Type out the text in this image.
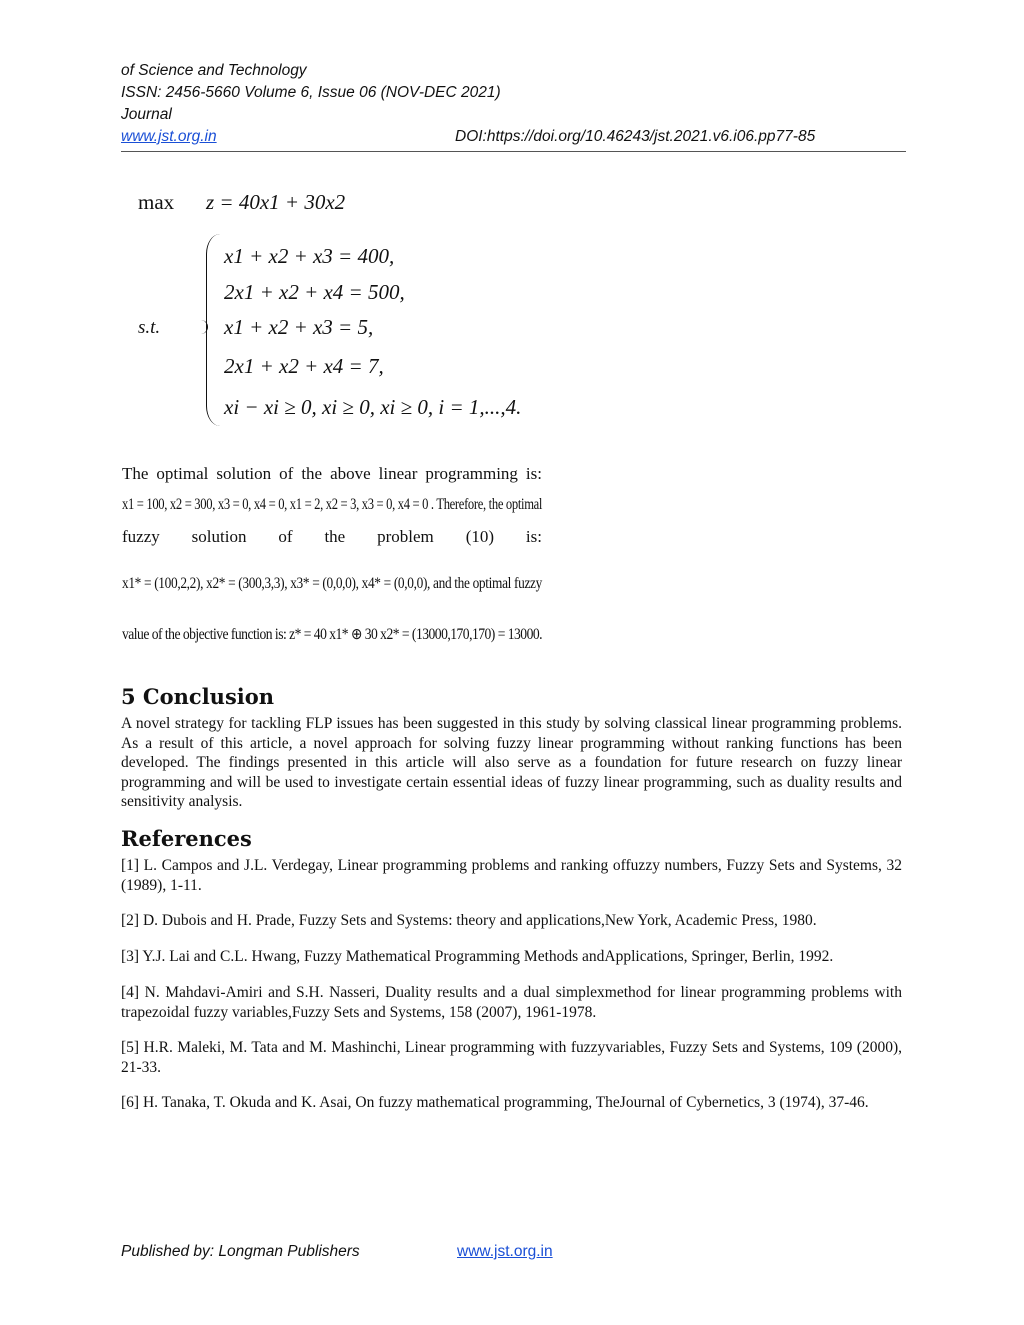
of Science and Technology
ISSN: 2456-5660 Volume 6, Issue 06 (NOV-DEC 2021)
Journal
www.jst.org.in	DOI:https://doi.org/10.46243/jst.2021.v6.i06.pp77-85
max z = 40x1 + 30x2
s.t.
x1 + x2 + x3 = 400,
2x1 + x2 + x4 = 500,
x1 + x2 + x3 = 5,
2x1 + x2 + x4 = 7,
xi − xi ≥ 0, xi ≥ 0, xi ≥ 0, i = 1,...,4.
The optimal solution of the above linear programming is:
x1 = 100, x2 = 300, x3 = 0, x4 = 0, x1 = 2, x2 = 3, x3 = 0, x4 = 0 . Therefore, the optimal
fuzzy solution of the problem (10) is:
x1* = (100,2,2), x2* = (300,3,3), x3* = (0,0,0), x4* = (0,0,0), and the optimal fuzzy
value of the objective function is: z* = 40 x1* ⊕ 30 x2* = (13000,170,170) = 13000.
5 Conclusion

A novel strategy for tackling FLP issues has been suggested in this study by solving classical linear programming problems. As a result of this article, a novel approach for solving fuzzy linear programming without ranking functions has been developed. The findings presented in this article will also serve as a foundation for future research on fuzzy linear programming and will be used to investigate certain essential ideas of fuzzy linear programming, such as duality results and sensitivity analysis.

References

[1] L. Campos and J.L. Verdegay, Linear programming problems and ranking offuzzy numbers, Fuzzy Sets and Systems, 32 (1989), 1-11.

[2] D. Dubois and H. Prade, Fuzzy Sets and Systems: theory and applications,New York, Academic Press, 1980.

[3] Y.J. Lai and C.L. Hwang, Fuzzy Mathematical Programming Methods andApplications, Springer, Berlin, 1992.

[4] N. Mahdavi-Amiri and S.H. Nasseri, Duality results and a dual simplexmethod for linear programming problems with trapezoidal fuzzy variables,Fuzzy Sets and Systems, 158 (2007), 1961-1978.

[5] H.R. Maleki, M. Tata and M. Mashinchi, Linear programming with fuzzyvariables, Fuzzy Sets and Systems, 109 (2000), 21-33.

[6] H. Tanaka, T. Okuda and K. Asai, On fuzzy mathematical programming, TheJournal of Cybernetics, 3 (1974), 37-46.

Published by: Longman Publishers	www.jst.org.in
